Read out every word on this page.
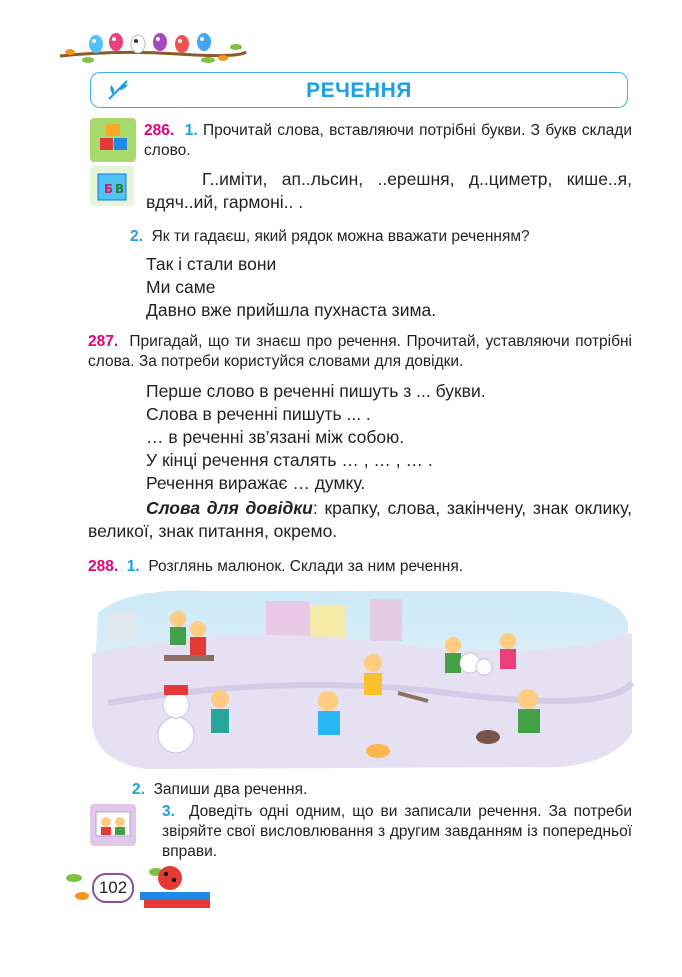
РЕЧЕННЯ
Б В
286. 1. Прочитай слова, вставляючи потрібні букви. З букв склади слово.
Г..иміти, ап..льсин, ..ерешня, д..циметр, кише..я, вдяч..ий, гармоні.. .
2. Як ти гадаєш, який рядок можна вважати реченням?
Так і стали вони
Ми саме
Давно вже прийшла пухнаста зима.
287. Пригадай, що ти знаєш про речення. Прочитай, уставляючи потрібні слова. За потреби користуйся словами для довідки.
Перше слово в реченні пишуть з ... букви.
Слова в реченні пишуть ... .
… в реченні зв’язані між собою.
У кінці речення сталять … , … , … .
Речення виражає … думку.
Слова для довідки: крапку, слова, закінчену, знак оклику, великої, знак питання, окремо.
288. 1. Розглянь малюнок. Склади за ним речення.
2. Запиши два речення.
3. Доведіть одні одним, що ви записали речення. За потреби звіряйте свої висловлювання з другим завданням із попередньої вправи.
102
